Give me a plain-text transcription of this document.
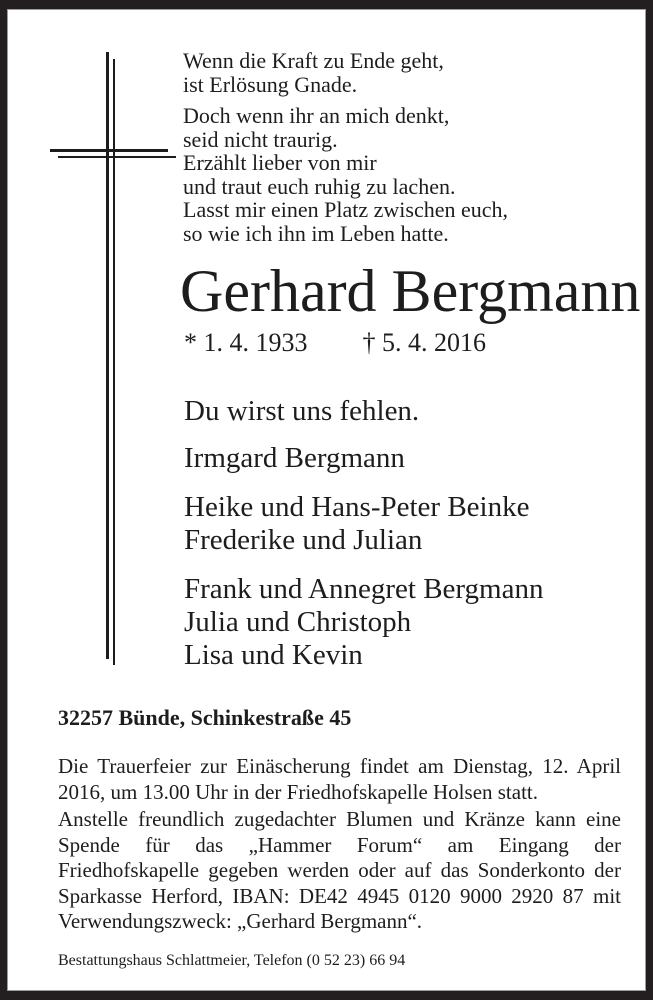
Wenn die Kraft zu Ende geht,
ist Erlösung Gnade.
Doch wenn ihr an mich denkt,
seid nicht traurig.
Erzählt lieber von mir
und traut euch ruhig zu lachen.
Lasst mir einen Platz zwischen euch,
so wie ich ihn im Leben hatte.
Gerhard Bergmann
* 1. 4. 1933 † 5. 4. 2016
Du wirst uns fehlen.
Irmgard Bergmann
Heike und Hans-Peter Beinke
Frederike und Julian
Frank und Annegret Bergmann
Julia und Christoph
Lisa und Kevin
32257 Bünde, Schinkestraße 45
Die Trauerfeier zur Einäscherung findet am Dienstag, 12. April 2016, um 13.00 Uhr in der Friedhofskapelle Holsen statt.
Anstelle freundlich zugedachter Blumen und Kränze kann eine Spende für das „Hammer Forum“ am Eingang der Friedhofskapelle gegeben werden oder auf das Sonderkonto der Sparkasse Herford, IBAN: DE42 4945 0120 9000 2920 87 mit Verwendungszweck: „Gerhard Bergmann“.
Bestattungshaus Schlattmeier, Telefon (0 52 23) 66 94
